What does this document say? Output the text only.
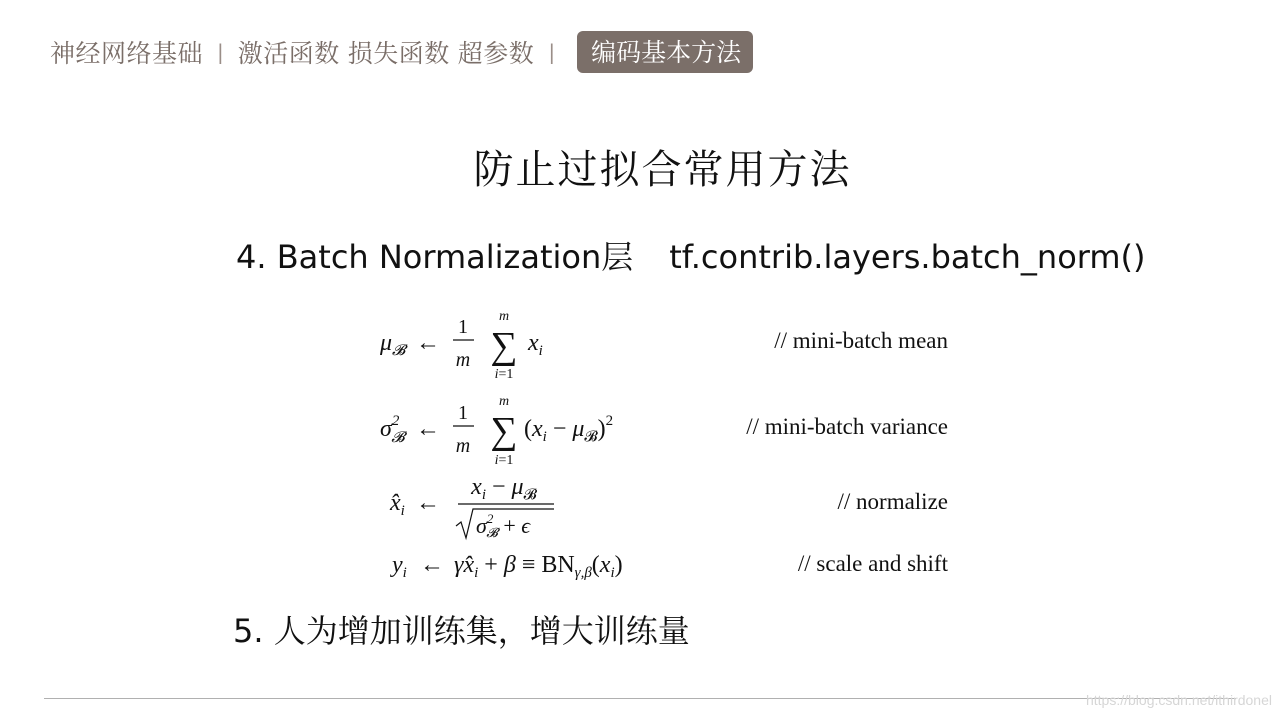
神经网络基础 | 激活函数 损失函数 超参数 |	编码基本方法
防止过拟合常用方法
4. Batch Normalization层 tf.contrib.layers.batch_norm()
$\mu_𝓑$ ←
1
m
m
∑
i=1
$x_i$	// mini-batch mean
$\sigma^2$ 𝓑 ←
1
m
m
∑
i=1
$(x_i - \mu_𝓑)^2$	// mini-batch variance
$x̂_i$ ←
$x_i - \mu_𝓑$
$\sigma^2$ 𝓑 + ϵ
// normalize
$y_i$ ← $\gamma x̂_i + \beta \equiv BN_{\gamma,\beta}(x_i)$	// scale and shift
5. 人为增加训练集，增大训练量
https://blog.csdn.net/ithirdonel
